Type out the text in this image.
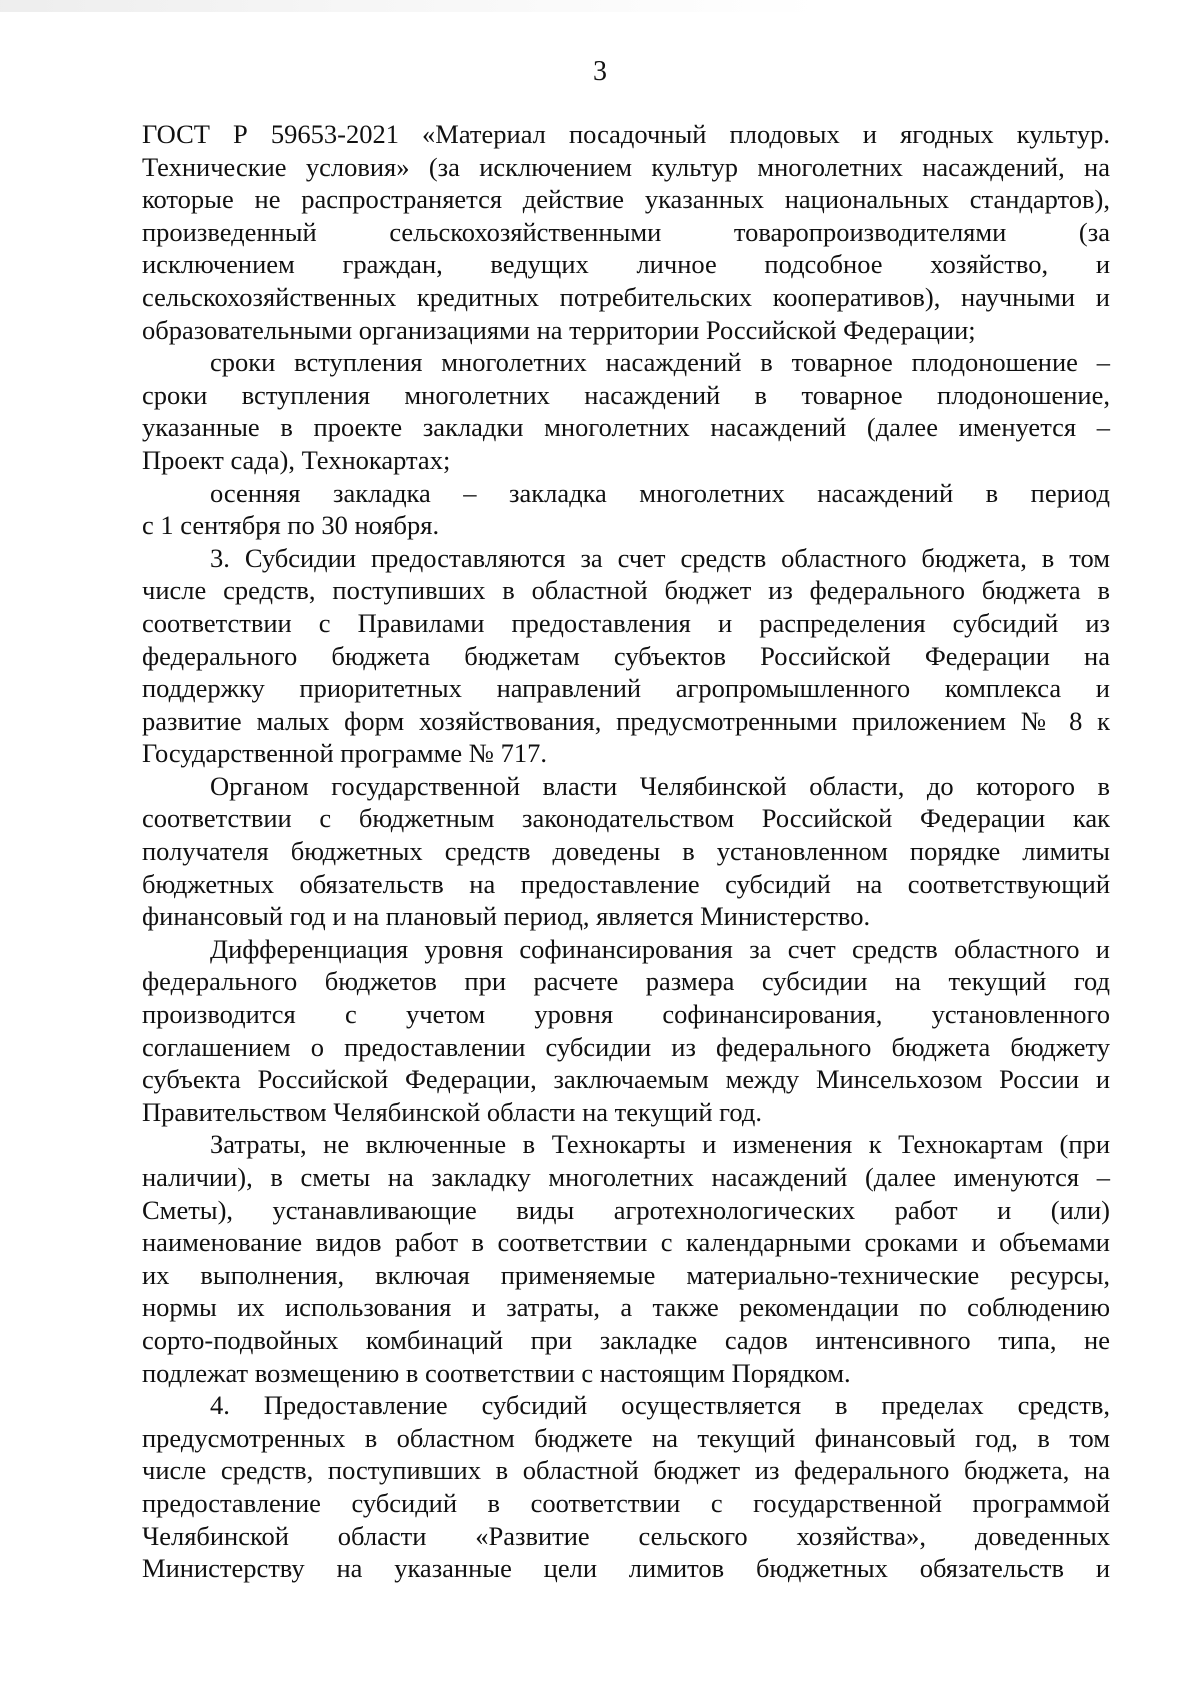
3
ГОСТ Р 59653-2021 «Материал посадочный плодовых и ягодных культур.
Технические условия» (за исключением культур многолетних насаждений, на
которые не распространяется действие указанных национальных стандартов),
произведенный сельскохозяйственными товаропроизводителями (за
исключением граждан, ведущих личное подсобное хозяйство, и
сельскохозяйственных кредитных потребительских кооперативов), научными и
образовательными организациями на территории Российской Федерации;
сроки вступления многолетних насаждений в товарное плодоношение –
сроки вступления многолетних насаждений в товарное плодоношение,
указанные в проекте закладки многолетних насаждений (далее именуется –
Проект сада), Технокартах;
осенняя закладка – закладка многолетних насаждений в период
с 1 сентября по 30 ноября.
3. Субсидии предоставляются за счет средств областного бюджета, в том
числе средств, поступивших в областной бюджет из федерального бюджета в
соответствии с Правилами предоставления и распределения субсидий из
федерального бюджета бюджетам субъектов Российской Федерации на
поддержку приоритетных направлений агропромышленного комплекса и
развитие малых форм хозяйствования, предусмотренными приложением № 8 к
Государственной программе № 717.
Органом государственной власти Челябинской области, до которого в
соответствии с бюджетным законодательством Российской Федерации как
получателя бюджетных средств доведены в установленном порядке лимиты
бюджетных обязательств на предоставление субсидий на соответствующий
финансовый год и на плановый период, является Министерство.
Дифференциация уровня софинансирования за счет средств областного и
федерального бюджетов при расчете размера субсидии на текущий год
производится с учетом уровня софинансирования, установленного
соглашением о предоставлении субсидии из федерального бюджета бюджету
субъекта Российской Федерации, заключаемым между Минсельхозом России и
Правительством Челябинской области на текущий год.
Затраты, не включенные в Технокарты и изменения к Технокартам (при
наличии), в сметы на закладку многолетних насаждений (далее именуются –
Сметы), устанавливающие виды агротехнологических работ и (или)
наименование видов работ в соответствии с календарными сроками и объемами
их выполнения, включая применяемые материально-технические ресурсы,
нормы их использования и затраты, а также рекомендации по соблюдению
сорто-подвойных комбинаций при закладке садов интенсивного типа, не
подлежат возмещению в соответствии с настоящим Порядком.
4. Предоставление субсидий осуществляется в пределах средств,
предусмотренных в областном бюджете на текущий финансовый год, в том
числе средств, поступивших в областной бюджет из федерального бюджета, на
предоставление субсидий в соответствии с государственной программой
Челябинской области «Развитие сельского хозяйства», доведенных
Министерству на указанные цели лимитов бюджетных обязательств и
